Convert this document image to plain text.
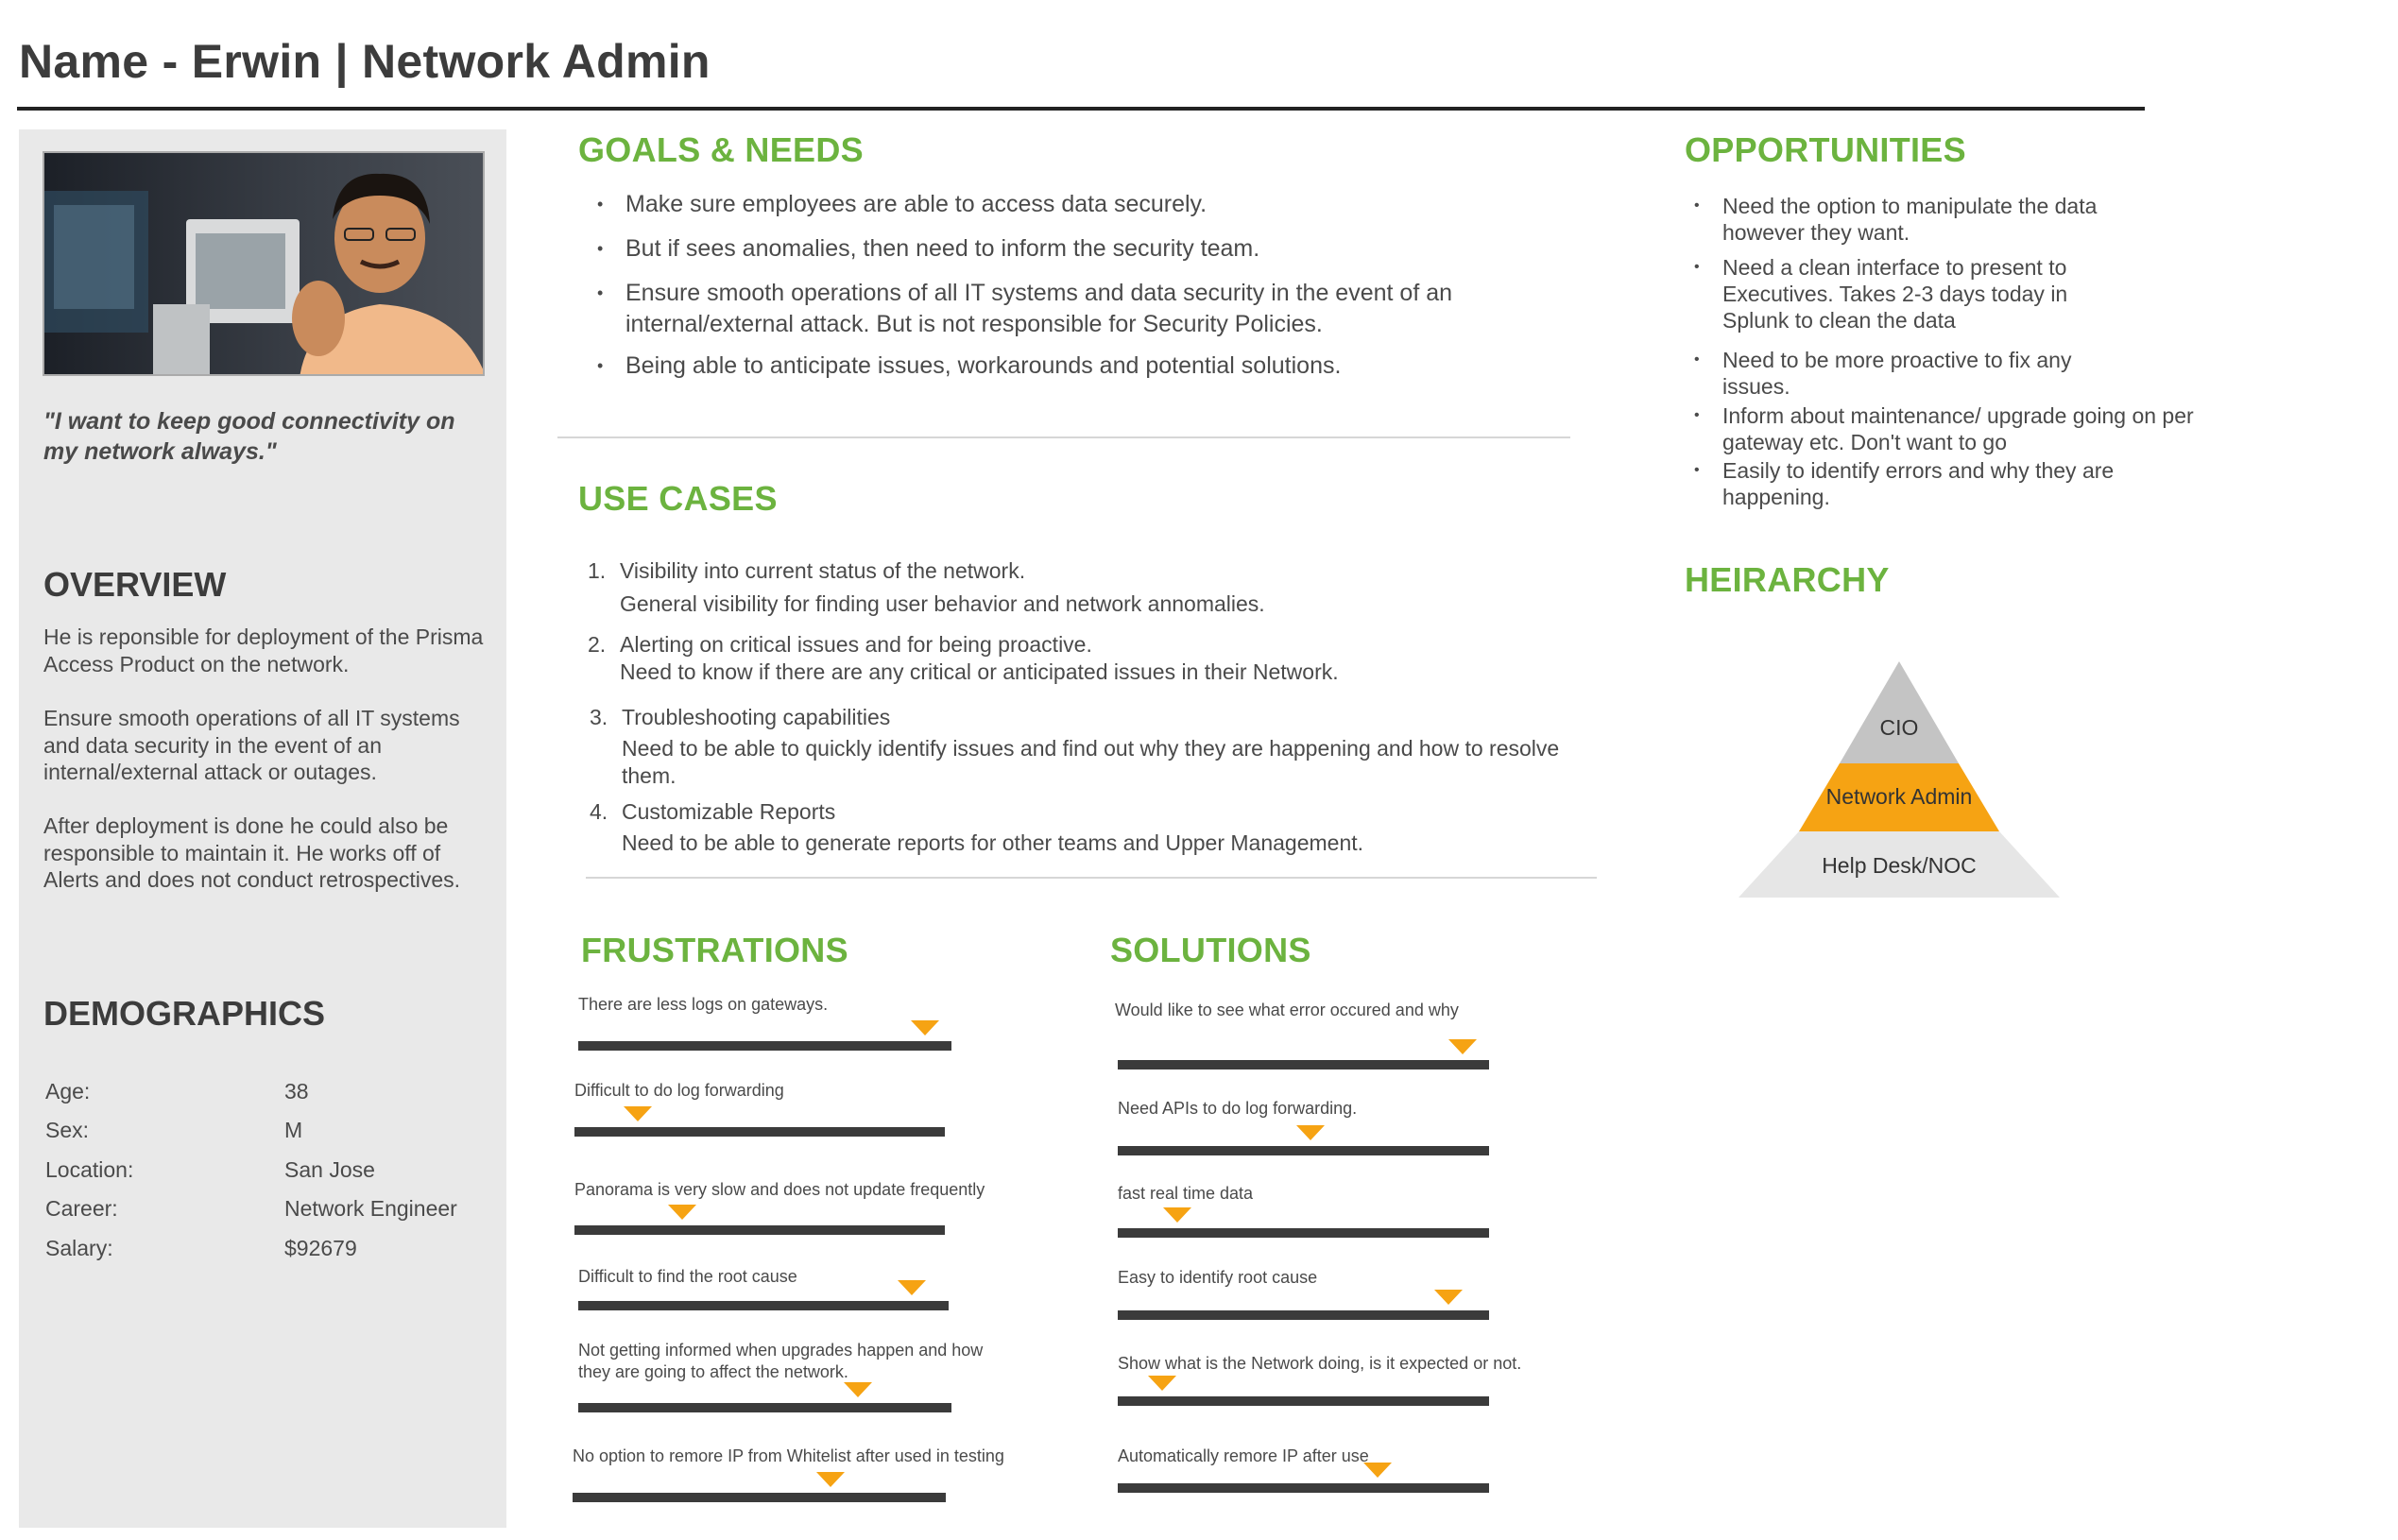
Name - Erwin | Network Admin
"I want to keep good connectivity on my network always."
OVERVIEW
He is reponsible for deployment of the Prisma Access Product on the network.
Ensure smooth operations of all IT systems and data security in the event of an internal/external attack or outages.
After deployment is done he could also be responsible to maintain it. He works off of Alerts and does not conduct retrospectives.
DEMOGRAPHICS
Age:	38
Sex:	M
Location:	San Jose
Career:	Network Engineer
Salary:	$92679
GOALS & NEEDS
• Make sure employees are able to access data securely.
• But if sees anomalies, then need to inform the security team.
• Ensure smooth operations of all IT systems and data security in the event of an internal/external attack. But is not responsible for Security Policies.
• Being able to anticipate issues, workarounds and potential solutions.
USE CASES
1. Visibility into current status of the network.
General visibility for finding user behavior and network annomalies.
2. Alerting on critical issues and for being proactive.
Need to know if there are any critical or anticipated issues in their Network.
3. Troubleshooting capabilities
Need to be able to quickly identify issues and find out why they are happening and how to resolve them.
4. Customizable Reports
Need to be able to generate reports for other teams and Upper Management.
OPPORTUNITIES
• Need the option to manipulate the data however they want.
• Need a clean interface to present to Executives. Takes 2-3 days today in Splunk to clean the data
• Need to be more proactive to fix any issues.
• Inform about maintenance/ upgrade going on per gateway etc. Don't want to go
• Easily to identify errors and why they are happening.
HEIRARCHY
CIO
Network Admin
Help Desk/NOC
FRUSTRATIONS
There are less logs on gateways.
Difficult to do log forwarding
Panorama is very slow and does not update frequently
Difficult to find the root cause
Not getting informed when upgrades happen and how they are going to affect the network.
No option to remore IP from Whitelist after used in testing
SOLUTIONS
Would like to see what error occured and why
Need APIs to do log forwarding.
fast real time data
Easy to identify root cause
Show what is the Network doing, is it expected or not.
Automatically remore IP after use
